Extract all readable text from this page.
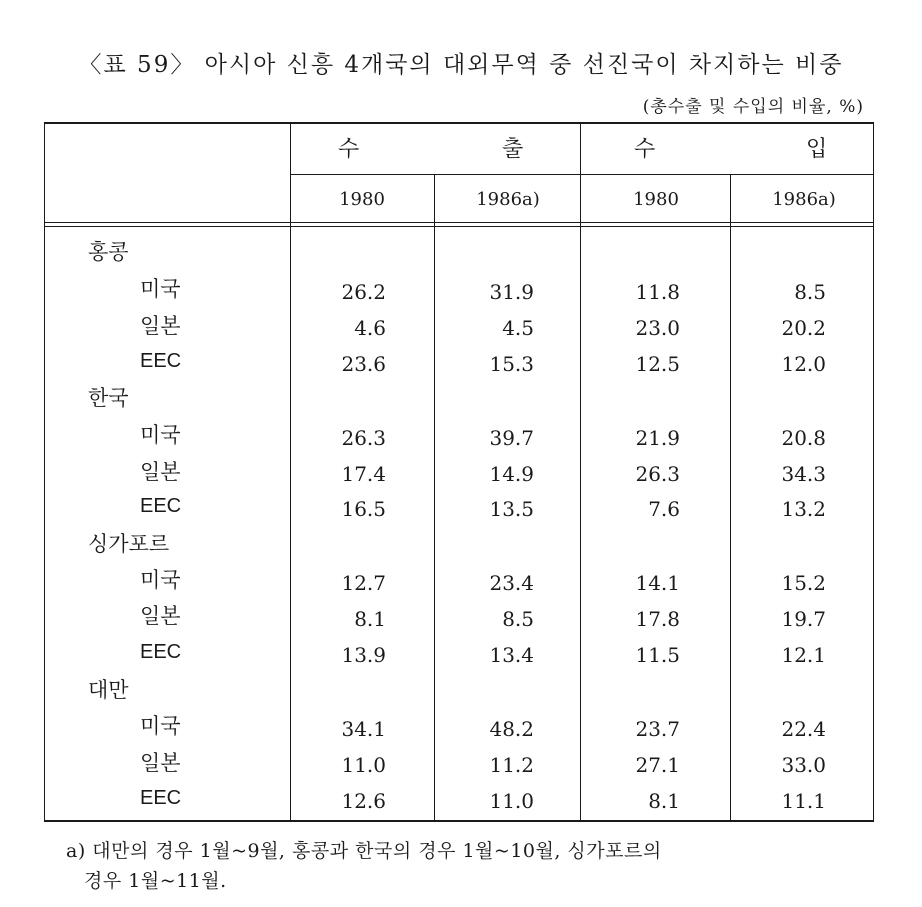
〈표 59〉 아시아 신흥 4개국의 대외무역 중 선진국이 차지하는 비중
(총수출 및 수입의 비율, %)
수	출	수	입
1980	1986a)	1980	1986a)
홍콩
미국	26.2	31.9	11.8	8.5
일본	4.6	4.5	23.0	20.2
EEC	23.6	15.3	12.5	12.0
한국
미국	26.3	39.7	21.9	20.8
일본	17.4	14.9	26.3	34.3
EEC	16.5	13.5	7.6	13.2
싱가포르
미국	12.7	23.4	14.1	15.2
일본	8.1	8.5	17.8	19.7
EEC	13.9	13.4	11.5	12.1
대만
미국	34.1	48.2	23.7	22.4
일본	11.0	11.2	27.1	33.0
EEC	12.6	11.0	8.1	11.1
a) 대만의 경우 1월~9월, 홍콩과 한국의 경우 1월~10월, 싱가포르의
경우 1월~11월.
